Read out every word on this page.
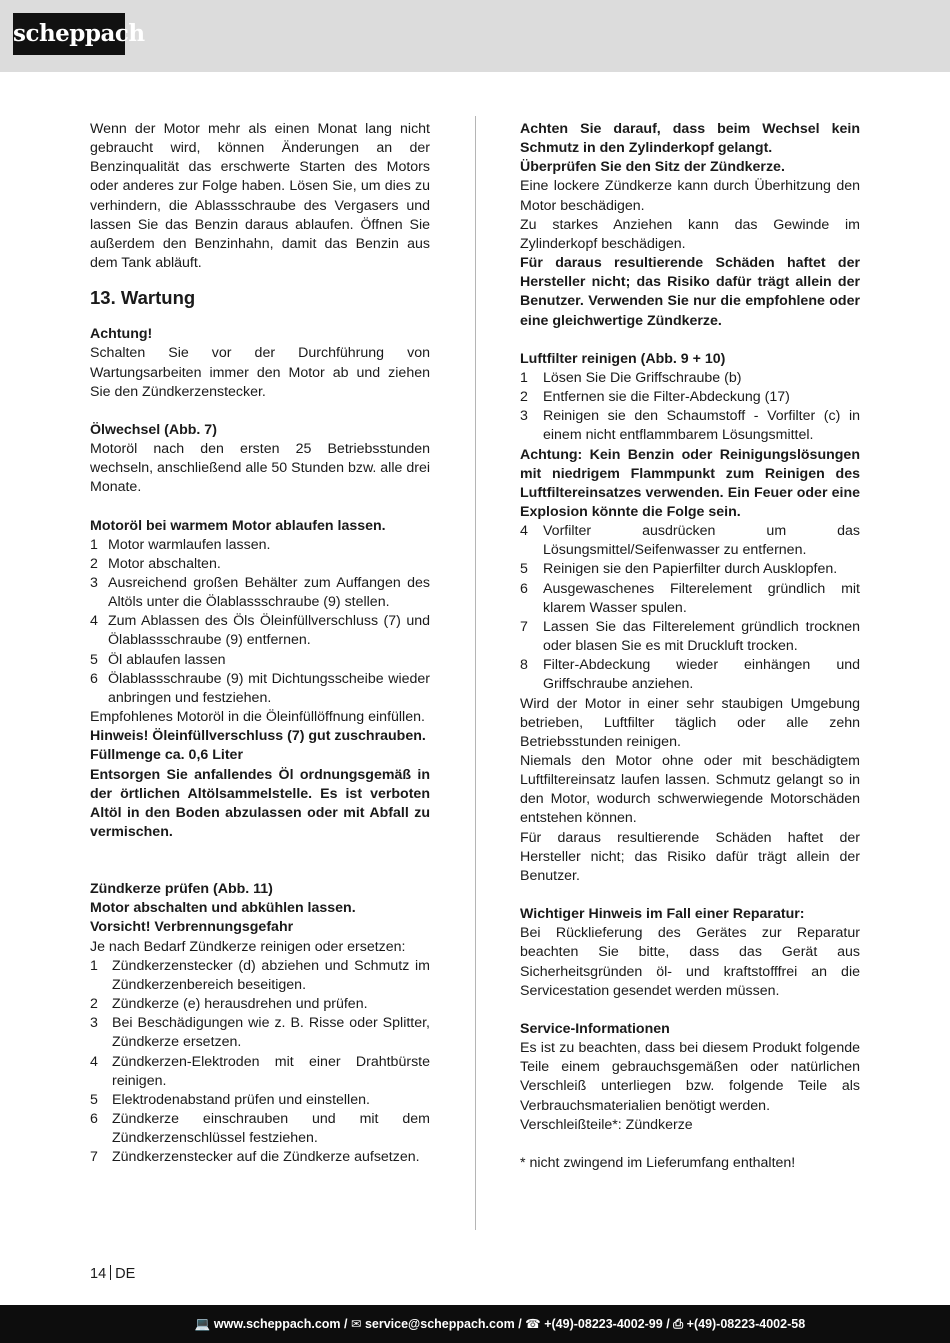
scheppach

Wenn der Motor mehr als einen Monat lang nicht gebraucht wird, können Änderungen an der Benzinqualität das erschwerte Starten des Motors oder anderes zur Folge haben. Lösen Sie, um dies zu verhindern, die Ablassschraube des Vergasers und lassen Sie das Benzin daraus ablaufen. Öffnen Sie außerdem den Benzinhahn, damit das Benzin aus dem Tank abläuft.

13. Wartung

Achtung!

Schalten Sie vor der Durchführung von Wartungsarbeiten immer den Motor ab und ziehen Sie den Zündkerzenstecker.

Ölwechsel (Abb. 7)

Motoröl nach den ersten 25 Betriebsstunden wechseln, anschließend alle 50 Stunden bzw. alle drei Monate.

Motoröl bei warmem Motor ablaufen lassen.

1 Motor warmlaufen lassen.
2 Motor abschalten.
3 Ausreichend großen Behälter zum Auffangen des Altöls unter die Ölablassschraube (9) stellen.
4 Zum Ablassen des Öls Öleinfüllverschluss (7) und Ölablassschraube (9) entfernen.
5 Öl ablaufen lassen
6 Ölablassschraube (9) mit Dichtungsscheibe wieder anbringen und festziehen.

Empfohlenes Motoröl in die Öleinfüllöffnung einfüllen.

Hinweis! Öleinfüllverschluss (7) gut zuschrauben.

Füllmenge ca. 0,6 Liter

Entsorgen Sie anfallendes Öl ordnungsgemäß in der örtlichen Altölsammelstelle. Es ist verboten Altöl in den Boden abzulassen oder mit Abfall zu vermischen.

Zündkerze prüfen (Abb. 11)

Motor abschalten und abkühlen lassen.

Vorsicht! Verbrennungsgefahr

Je nach Bedarf Zündkerze reinigen oder ersetzen:

1 Zündkerzenstecker (d) abziehen und Schmutz im Zündkerzenbereich beseitigen.
2 Zündkerze (e) herausdrehen und prüfen.
3 Bei Beschädigungen wie z. B. Risse oder Splitter, Zündkerze ersetzen.
4 Zündkerzen-Elektroden mit einer Drahtbürste reinigen.
5 Elektrodenabstand prüfen und einstellen.
6 Zündkerze einschrauben und mit dem Zündkerzenschlüssel festziehen.
7 Zündkerzenstecker auf die Zündkerze aufsetzen.

Achten Sie darauf, dass beim Wechsel kein Schmutz in den Zylinderkopf gelangt.

Überprüfen Sie den Sitz der Zündkerze.

Eine lockere Zündkerze kann durch Überhitzung den Motor beschädigen.

Zu starkes Anziehen kann das Gewinde im Zylinderkopf beschädigen.

Für daraus resultierende Schäden haftet der Hersteller nicht; das Risiko dafür trägt allein der Benutzer. Verwenden Sie nur die empfohlene oder eine gleichwertige Zündkerze.

Luftfilter reinigen (Abb. 9 + 10)

1	Lösen Sie Die Griffschraube (b)
2	Entfernen sie die Filter-Abdeckung (17)
3	Reinigen sie den Schaumstoff - Vorfilter (c) in einem nicht entflammbarem Lösungsmittel.

Achtung: Kein Benzin oder Reinigungslösungen mit niedrigem Flammpunkt zum Reinigen des Luftfiltereinsatzes verwenden. Ein Feuer oder eine Explosion könnte die Folge sein.

4	Vorfilter ausdrücken um das Lösungsmittel/Seifenwasser zu entfernen.
5	Reinigen sie den Papierfilter durch Ausklopfen.
6	Ausgewaschenes Filterelement gründlich mit klarem Wasser spulen.
7	Lassen Sie das Filterelement gründlich trocknen oder blasen Sie es mit Druckluft trocken.
8	Filter-Abdeckung wieder einhängen und Griffschraube anziehen.

Wird der Motor in einer sehr staubigen Umgebung betrieben, Luftfilter täglich oder alle zehn Betriebsstunden reinigen.

Niemals den Motor ohne oder mit beschädigtem Luftfiltereinsatz laufen lassen. Schmutz gelangt so in den Motor, wodurch schwerwiegende Motorschäden entstehen können.

Für daraus resultierende Schäden haftet der Hersteller nicht; das Risiko dafür trägt allein der Benutzer.

Wichtiger Hinweis im Fall einer Reparatur:

Bei Rücklieferung des Gerätes zur Reparatur beachten Sie bitte, dass das Gerät aus Sicherheitsgründen öl- und kraftstofffrei an die Servicestation gesendet werden müssen.

Service-Informationen

Es ist zu beachten, dass bei diesem Produkt folgende Teile einem gebrauchsgemäßen oder natürlichen Verschleiß unterliegen bzw. folgende Teile als Verbrauchsmaterialien benötigt werden.

Verschleißteile*: Zündkerze

* nicht zwingend im Lieferumfang enthalten!

14 DE
💻 www.scheppach.com / ✉ service@scheppach.com / ☎ +(49)-08223-4002-99 / ⎙ +(49)-08223-4002-58
